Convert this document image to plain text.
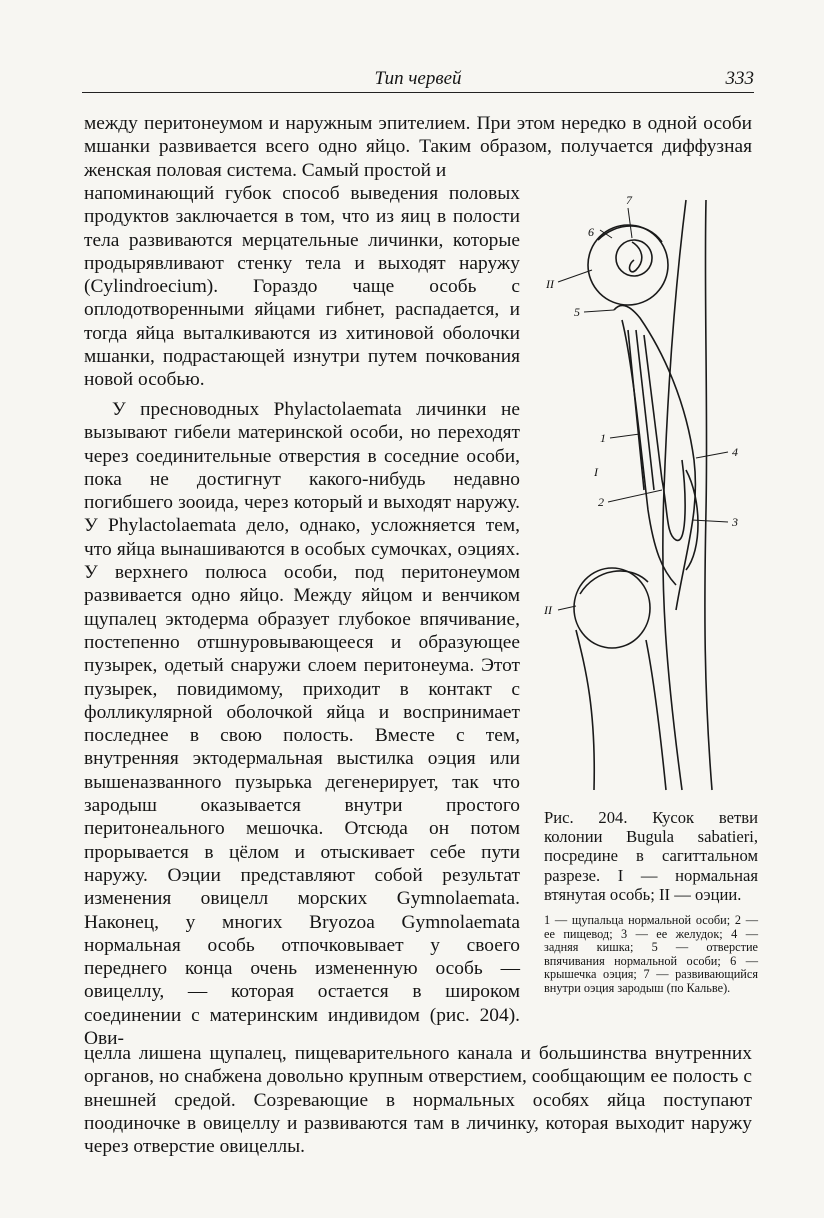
Тип червей	333

между перитонеумом и наружным эпителием. При этом нередко в одной особи мшанки развивается всего одно яйцо. Таким образом, получается диффузная женская половая система. Самый простой и

напоминающий губок способ выведения половых продуктов заключается в том, что из яиц в полости тела развиваются мерцательные личинки, которые продырявливают стенку тела и выходят наружу (Cylindroecium). Гораздо чаще особь с оплодотворенными яйцами гибнет, распадается, и тогда яйца выталкиваются из хитиновой оболочки мшанки, подрастающей изнутри путем почкования новой особью.

У пресноводных Phylactolaemata личинки не вызывают гибели материнской особи, но переходят через соединительные отверстия в соседние особи, пока не достигнут какого-нибудь недавно погибшего зооида, через который и выходят наружу. У Phylactolaemata дело, однако, усложняется тем, что яйца вынашиваются в особых сумочках, оэциях. У верхнего полюса особи, под перитонеумом развивается одно яйцо. Между яйцом и венчиком щупалец эктодерма образует глубокое впячивание, постепенно отшнуровывающееся и образующее пузырек, одетый снаружи слоем перитонеума. Этот пузырек, повидимому, приходит в контакт с фолликулярной оболочкой яйца и воспринимает последнее в свою полость. Вместе с тем, внутренняя эктодермальная выстилка оэция или вышеназванного пузырька дегенерирует, так что зародыш оказывается внутри простого перитонеального мешочка. Отсюда он потом прорывается в цёлом и отыскивает себе пути наружу. Оэции представляют собой результат изменения овицелл морских Gymnolaemata. Наконец, у многих Bryozoa Gymnolaemata нормальная особь отпочковывает у своего переднего конца очень измененную особь — овицеллу, — которая остается в широком соединении с материнским индивидом (рис. 204). Ови-

целла лишена щупалец, пищеварительного канала и большинства внутренних органов, но снабжена довольно крупным отверстием, сообщающим ее полость с внешней средой. Созревающие в нормальных особях яйца поступают поодиночке в овицеллу и развиваются там в личинку, которая выходит наружу через отверстие овицеллы.

7
6
II
5
1
4
I
2
3
II

Рис. 204. Кусок ветви колонии Bugula sabatieri, посредине в сагиттальном разрезе. I — нормальная втянутая особь; II — оэции.

1 — щупальца нормальной особи; 2 — ее пищевод; 3 — ее желудок; 4 — задняя кишка; 5 — отверстие впячивания нормальной особи; 6 — крышечка оэция; 7 — развивающийся внутри оэция зародыш (по Кальве).
